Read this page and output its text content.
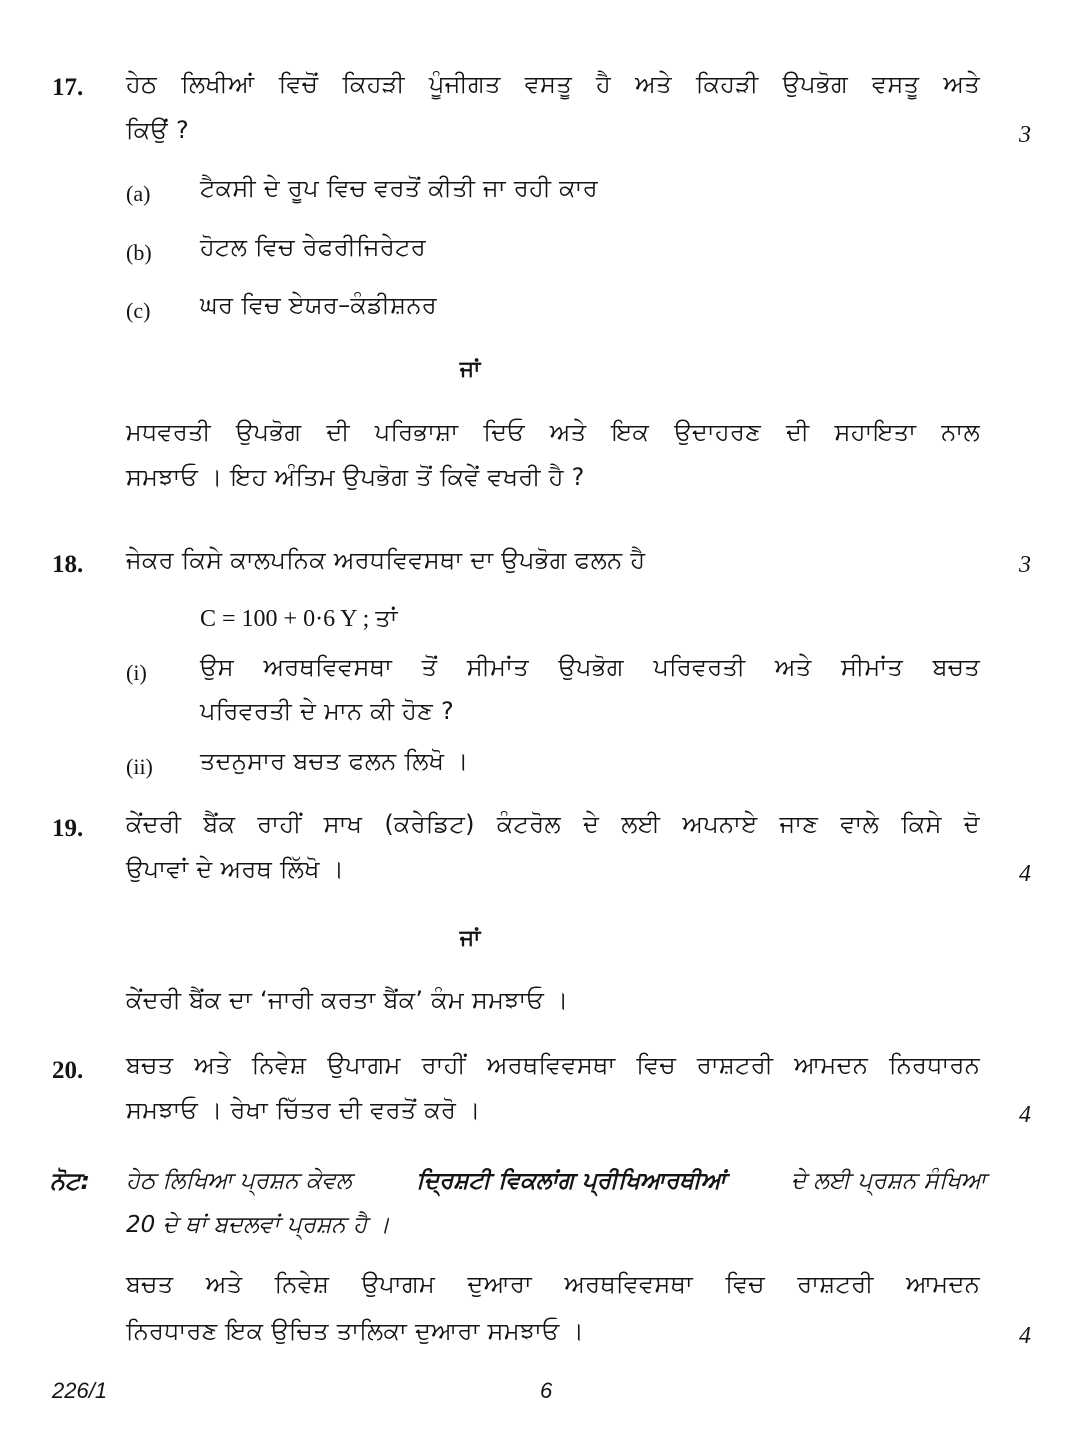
17. ਹੇਠ ਲਿਖੀਆਂ ਵਿਚੋਂ ਕਿਹੜੀ ਪੂੰਜੀਗਤ ਵਸਤੂ ਹੈ ਅਤੇ ਕਿਹੜੀ ਉਪਭੋਗ ਵਸਤੂ ਅਤੇ
ਕਿਉਂ ?	3
(a) ਟੈਕਸੀ ਦੇ ਰੂਪ ਵਿਚ ਵਰਤੋਂ ਕੀਤੀ ਜਾ ਰਹੀ ਕਾਰ
(b) ਹੋਟਲ ਵਿਚ ਰੇਫਰੀਜਿਰੇਟਰ
(c) ਘਰ ਵਿਚ ਏਯਰ–ਕੰਡੀਸ਼ਨਰ
ਜਾਂ
ਮਧਵਰਤੀ ਉਪਭੋਗ ਦੀ ਪਰਿਭਾਸ਼ਾ ਦਿਓ ਅਤੇ ਇਕ ਉਦਾਹਰਣ ਦੀ ਸਹਾਇਤਾ ਨਾਲ
ਸਮਝਾਓ । ਇਹ ਅੰਤਿਮ ਉਪਭੋਗ ਤੋਂ ਕਿਵੇਂ ਵਖਰੀ ਹੈ ?
18. ਜੇਕਰ ਕਿਸੇ ਕਾਲਪਨਿਕ ਅਰਧਵਿਵਸਥਾ ਦਾ ਉਪਭੋਗ ਫਲਨ ਹੈ	3
C = 100 + 0·6 Y ; ਤਾਂ
(i) ਉਸ ਅਰਥਵਿਵਸਥਾ ਤੋਂ ਸੀਮਾਂਤ ਉਪਭੋਗ ਪਰਿਵਰਤੀ ਅਤੇ ਸੀਮਾਂਤ ਬਚਤ
ਪਰਿਵਰਤੀ ਦੇ ਮਾਨ ਕੀ ਹੋਣ ?
(ii) ਤਦਨੁਸਾਰ ਬਚਤ ਫਲਨ ਲਿਖੋ ।
19. ਕੇਂਦਰੀ ਬੈਂਕ ਰਾਹੀਂ ਸਾਖ (ਕਰੇਡਿਟ) ਕੰਟਰੋਲ ਦੇ ਲਈ ਅਪਨਾਏ ਜਾਣ ਵਾਲੇ ਕਿਸੇ ਦੋ
ਉਪਾਵਾਂ ਦੇ ਅਰਥ ਲਿੱਖੋ ।	4
ਜਾਂ
ਕੇਂਦਰੀ ਬੈਂਕ ਦਾ ‘ਜਾਰੀ ਕਰਤਾ ਬੈਂਕ’ ਕੰਮ ਸਮਝਾਓ ।
20. ਬਚਤ ਅਤੇ ਨਿਵੇਸ਼ ਉਪਾਗਮ ਰਾਹੀਂ ਅਰਥਵਿਵਸਥਾ ਵਿਚ ਰਾਸ਼ਟਰੀ ਆਮਦਨ ਨਿਰਧਾਰਨ
ਸਮਝਾਓ । ਰੇਖਾ ਚਿੱਤਰ ਦੀ ਵਰਤੋਂ ਕਰੋ ।	4
ਨੋਟ: ਹੇਠ ਲਿਖਿਆ ਪ੍ਰਸ਼ਨ ਕੇਵਲ	ਦ੍ਰਿਸ਼ਟੀ ਵਿਕਲਾਂਗ ਪ੍ਰੀਖਿਆਰਥੀਆਂ	ਦੇ ਲਈ ਪ੍ਰਸ਼ਨ ਸੰਖਿਆ
20 ਦੇ ਥਾਂ ਬਦਲਵਾਂ ਪ੍ਰਸ਼ਨ ਹੈ ।
ਬਚਤ ਅਤੇ ਨਿਵੇਸ਼ ਉਪਾਗਮ ਦੁਆਰਾ ਅਰਥਵਿਵਸਥਾ ਵਿਚ ਰਾਸ਼ਟਰੀ ਆਮਦਨ
ਨਿਰਧਾਰਣ ਇਕ ਉਚਿਤ ਤਾਲਿਕਾ ਦੁਆਰਾ ਸਮਝਾਓ ।	4
226/1	6
